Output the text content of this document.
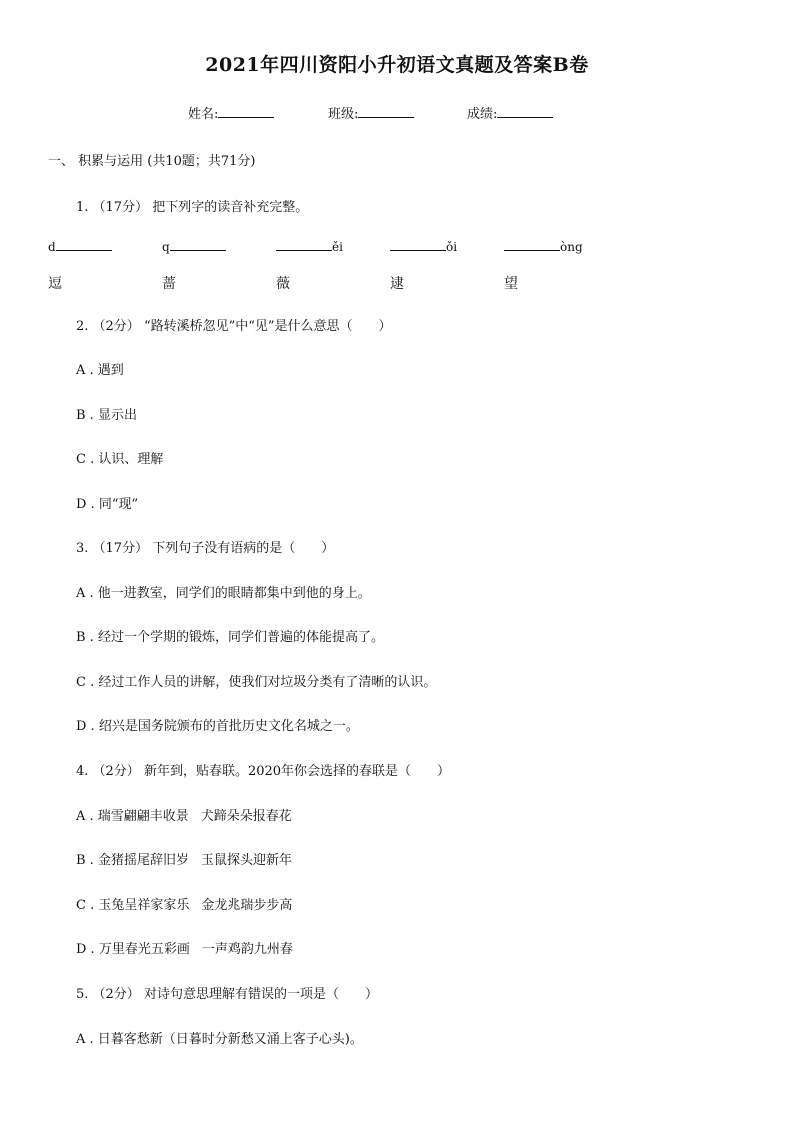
2021年四川资阳小升初语文真题及答案B卷
姓名:	班级:	成绩:
一、 积累与运用 (共10题；共71分)
1. （17分） 把下列字的读音补充完整。
d	q	ěi	ǒi	òng
逗	蔷	薇	逮	望
2. （2分） “路转溪桥忽见”中“见”是什么意思（　　）
A . 遇到
B . 显示出
C . 认识、理解
D . 同“现”
3. （17分） 下列句子没有语病的是（　　）
A . 他一进教室，同学们的眼睛都集中到他的身上。
B . 经过一个学期的锻炼，同学们普遍的体能提高了。
C . 经过工作人员的讲解，使我们对垃圾分类有了清晰的认识。
D . 绍兴是国务院颁布的首批历史文化名城之一。
4. （2分） 新年到，贴春联。2020年你会选择的春联是（　　）
A . 瑞雪翩翩丰收景 犬蹄朵朵报春花
B . 金猪摇尾辞旧岁 玉鼠探头迎新年
C . 玉兔呈祥家家乐 金龙兆瑞步步高
D . 万里春光五彩画 一声鸡韵九州春
5. （2分） 对诗句意思理解有错误的一项是（　　）
A . 日暮客愁新（日暮时分新愁又涌上客子心头)。
